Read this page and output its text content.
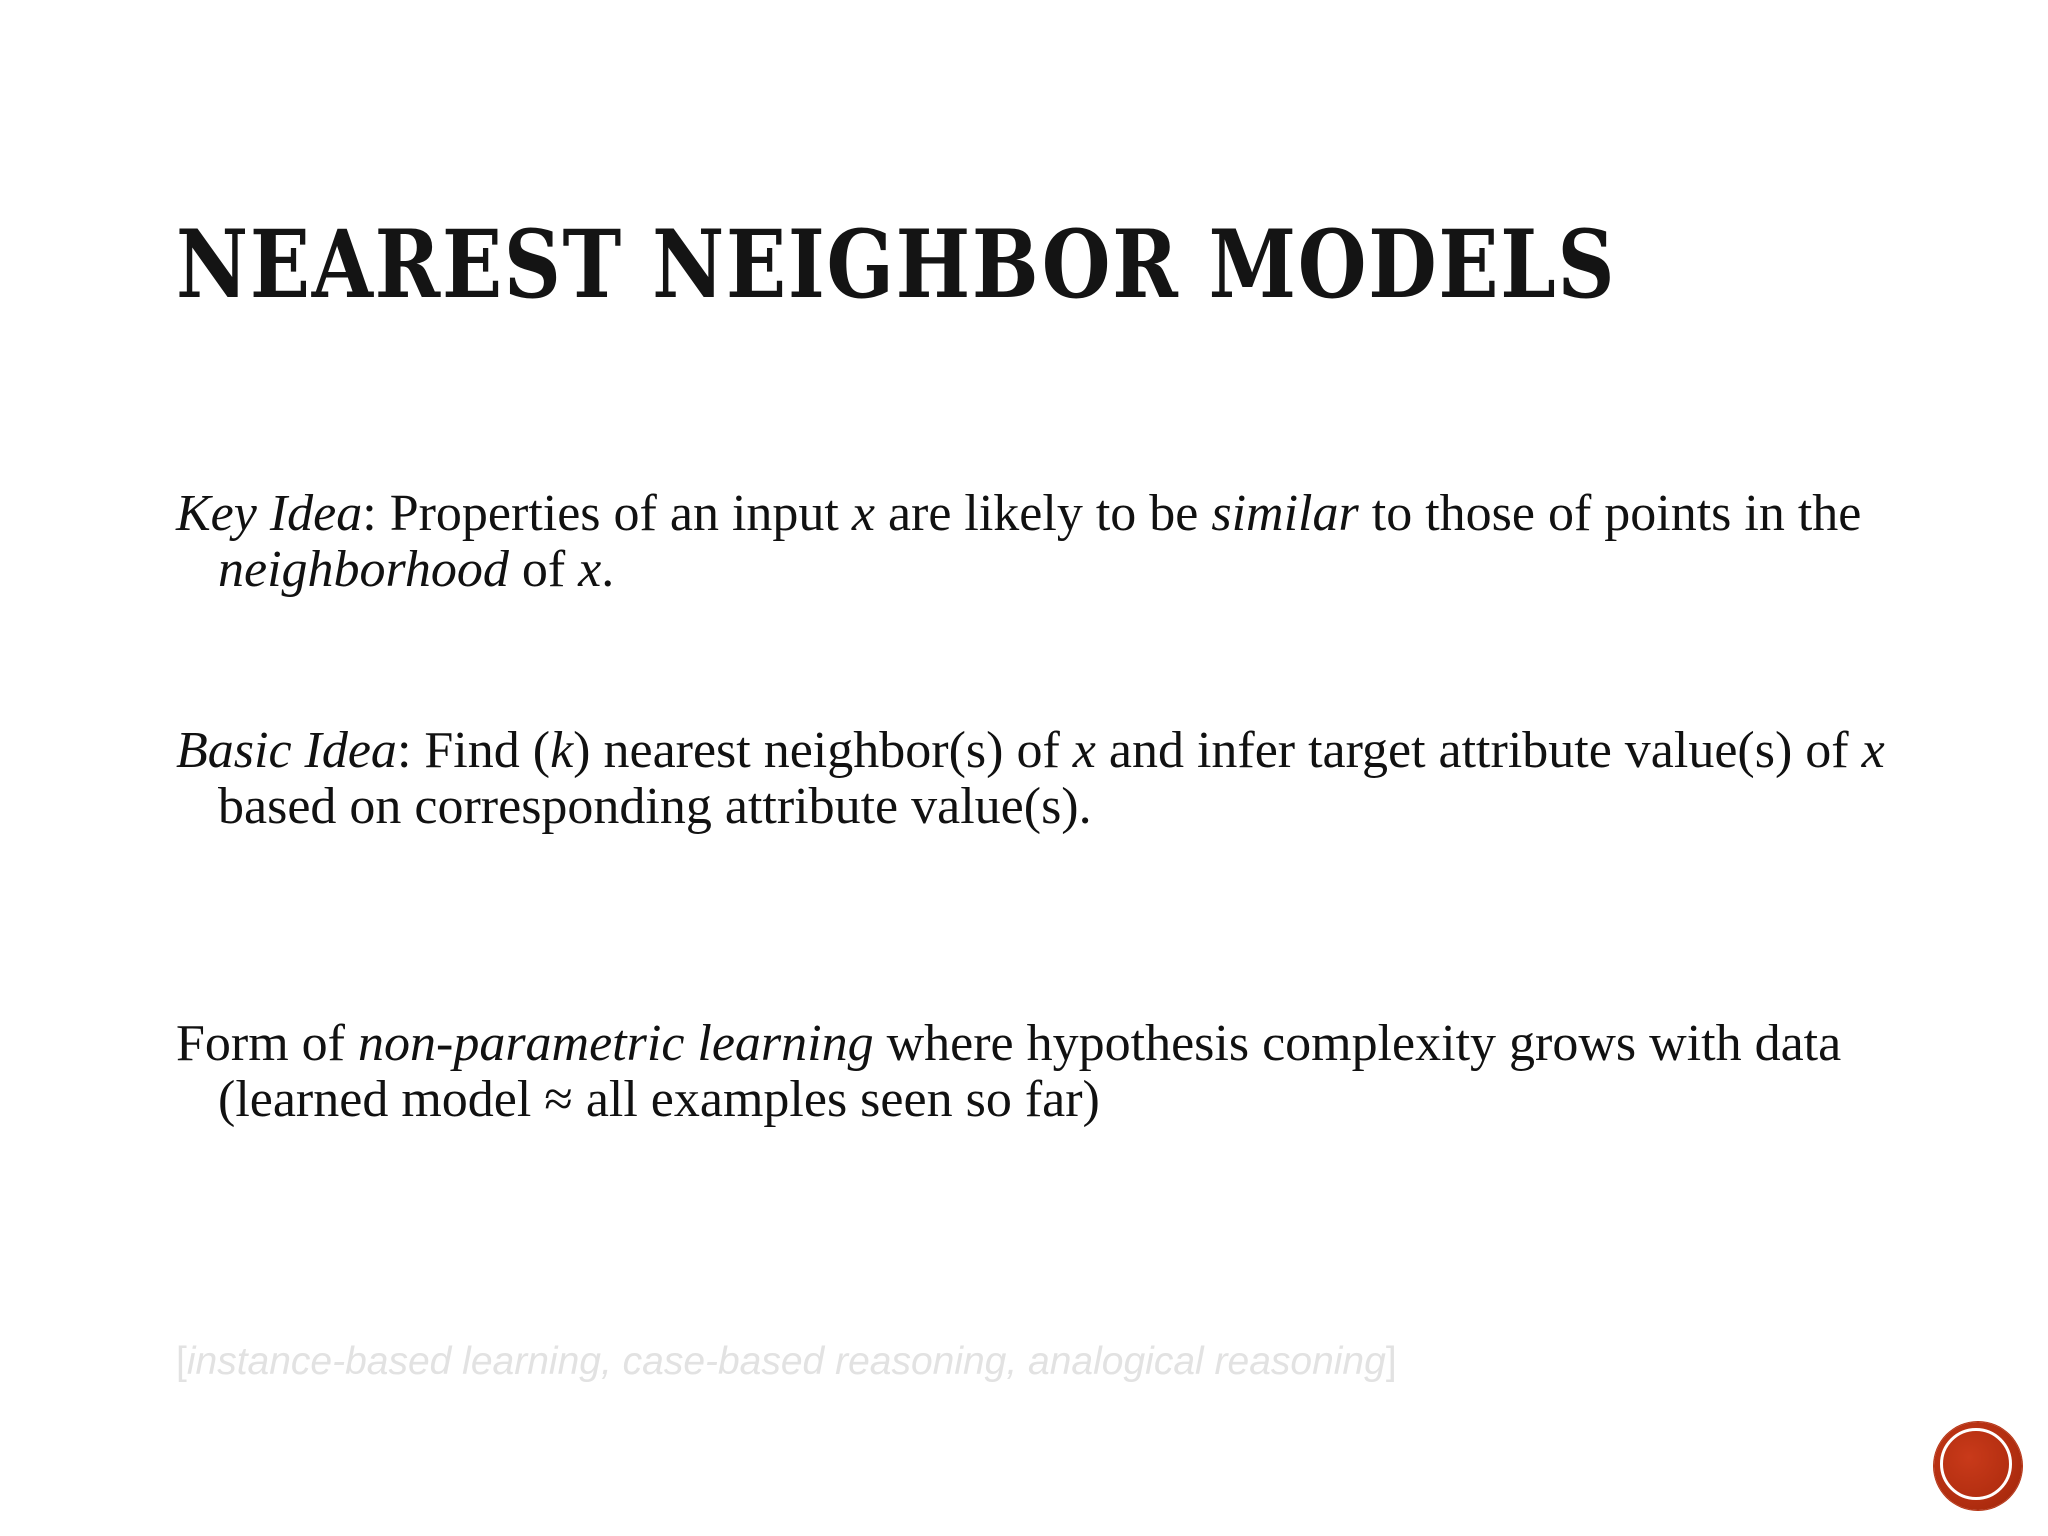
NEAREST NEIGHBOR MODELS

Key Idea: Properties of an input x are likely to be similar to those of points in the neighborhood of x.

Basic Idea: Find (k) nearest neighbor(s) of x and infer target attribute value(s) of x based on corresponding attribute value(s).

Form of non-parametric learning where hypothesis complexity grows with data (learned model ≈ all examples seen so far)

[instance-based learning, case-based reasoning, analogical reasoning]
